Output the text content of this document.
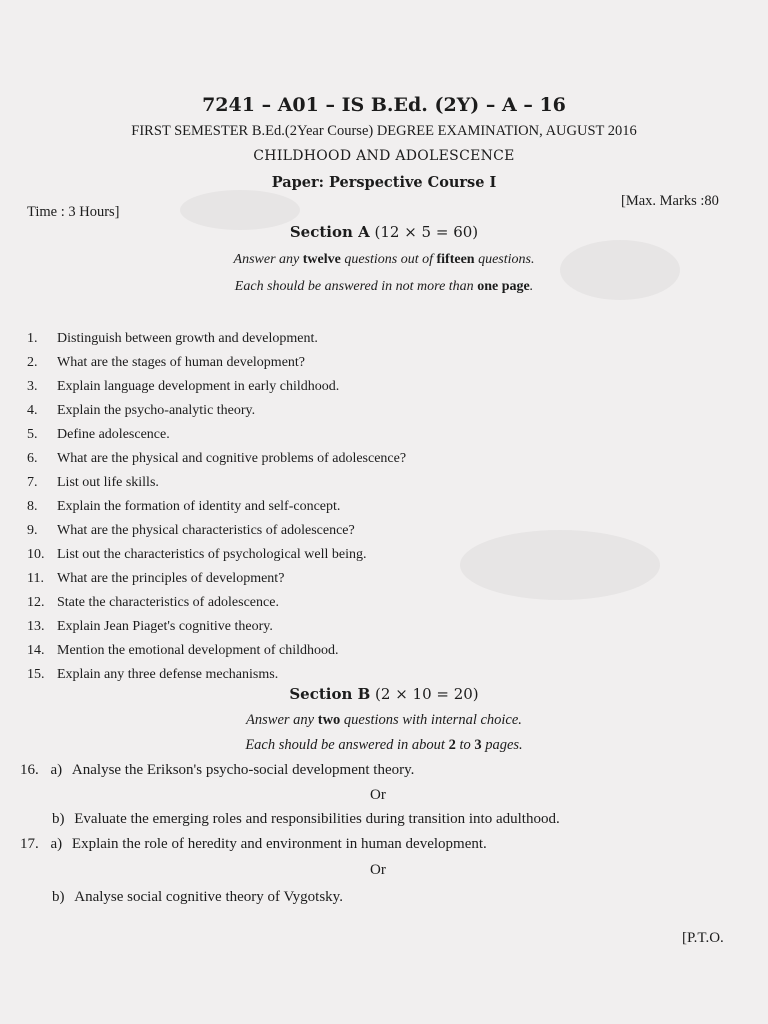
7241 – A01 – IS B.Ed. (2Y) – A – 16
FIRST SEMESTER B.Ed.(2Year Course) DEGREE EXAMINATION, AUGUST 2016
CHILDHOOD AND ADOLESCENCE
Paper: Perspective Course I
Time : 3 Hours]
[Max. Marks :80
Section A (12 × 5 = 60)
Answer any twelve questions out of fifteen questions.
Each should be answered in not more than one page.
1.	Distinguish between growth and development.
2.	What are the stages of human development?
3.	Explain language development in early childhood.
4.	Explain the psycho-analytic theory.
5.	Define adolescence.
6.	What are the physical and cognitive problems of adolescence?
7.	List out life skills.
8.	Explain the formation of identity and self-concept.
9.	What are the physical characteristics of adolescence?
10. List out the characteristics of psychological well being.
11. What are the principles of development?
12. State the characteristics of adolescence.
13. Explain Jean Piaget's cognitive theory.
14. Mention the emotional development of childhood.
15. Explain any three defense mechanisms.
Section B (2 × 10 = 20)
Answer any two questions with internal choice.
Each should be answered in about 2 to 3 pages.
16. a) Analyse the Erikson's psycho-social development theory.
Or
b) Evaluate the emerging roles and responsibilities during transition into adulthood.
17. a) Explain the role of heredity and environment in human development.
Or
b) Analyse social cognitive theory of Vygotsky.
[P.T.O.
